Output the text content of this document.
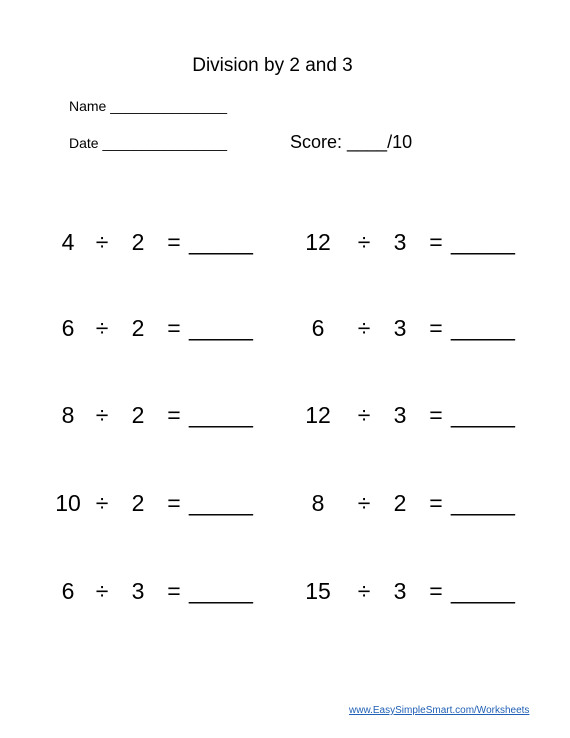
Division by 2 and 3
Name _______________
Date ________________	Score: ____/10
4 ÷ 2 = _____ 12 ÷ 3 = _____
6 ÷ 2 = _____	6	÷ 3 = _____
8 ÷ 2 = _____ 12 ÷ 3 = _____
10 ÷ 2 = _____	8	÷ 2 = _____
6 ÷ 3 = _____ 15 ÷ 3 = _____
www.EasySimpleSmart.com/Worksheets
